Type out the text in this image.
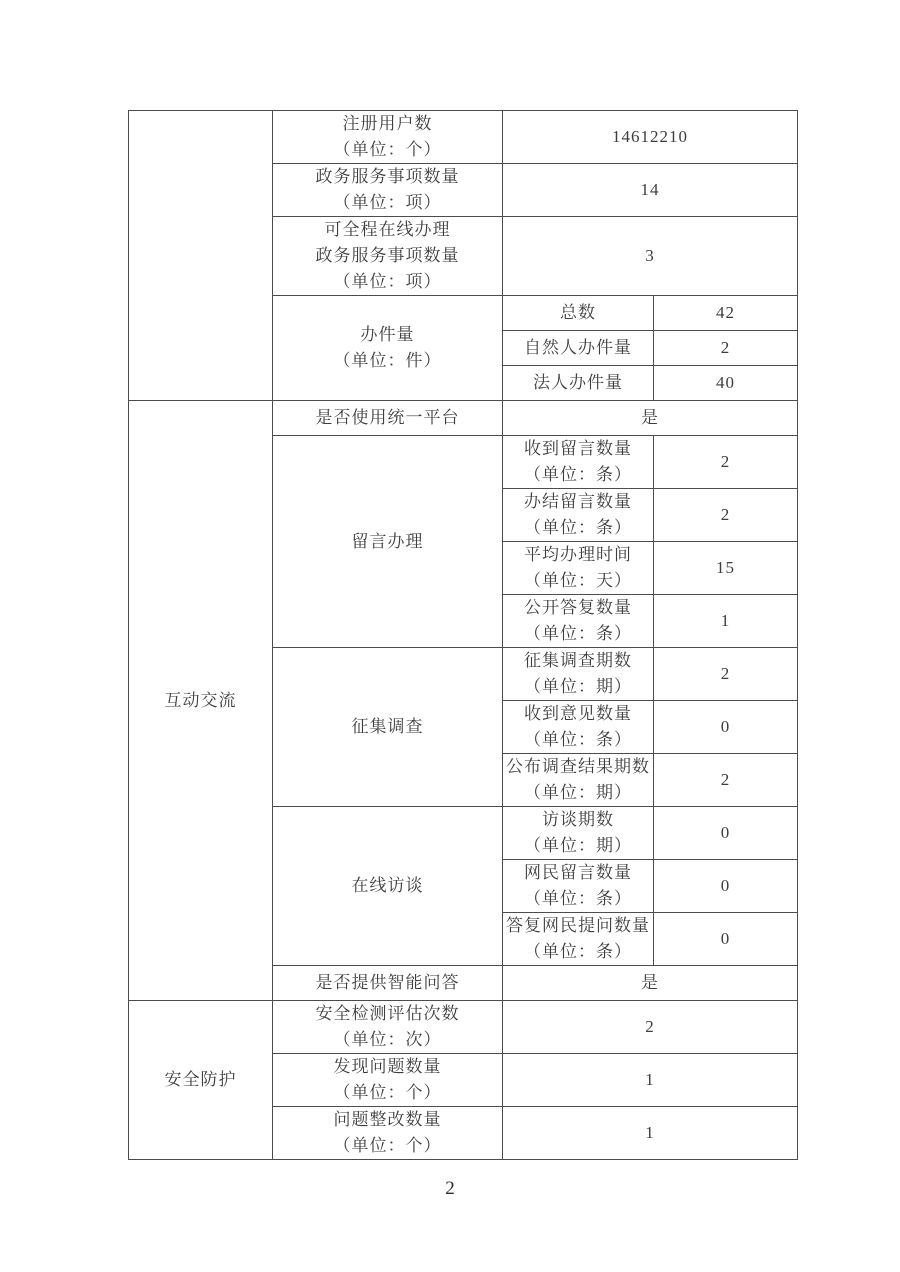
	注册用户数
（单位：个）	14612210	

	政务服务事项数量
（单位：项）	14	

	可全程在线办理
政务服务事项数量
（单位：项）	3	

	办件量
（单位：件）	总数	42
		自然人办件量	2
		法人办件量	40
互动交流	是否使用统一平台	是	
	留言办理	收到留言数量
（单位：条）	2

		办结留言数量
（单位：条）	2

		平均办理时间
（单位：天）	15

		公开答复数量
（单位：条）	1
	征集调查	征集调查期数
（单位：期）	2

		收到意见数量
（单位：条）	0

		公布调查结果期数
（单位：期）	2
	在线访谈	访谈期数
（单位：期）	0

		网民留言数量
（单位：条）	0

		答复网民提问数量
（单位：条）	0
	是否提供智能问答	是	
安全防护	安全检测评估次数
（单位：次）	2	

	发现问题数量
（单位：个）	1	

	问题整改数量
（单位：个）	1	
2
